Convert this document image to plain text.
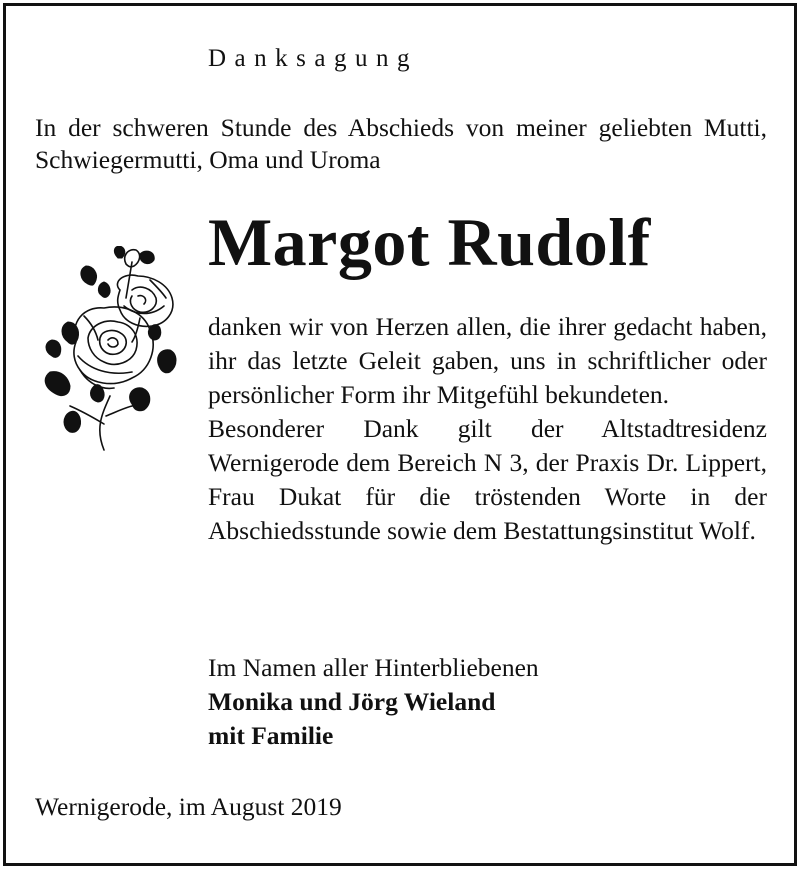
Danksagung
In der schweren Stunde des Abschieds von meiner geliebten Mutti, Schwiegermutti, Oma und Uroma
Margot Rudolf

danken wir von Herzen allen, die ihrer gedacht haben, ihr das letzte Geleit gaben, uns in schriftlicher oder persönlicher Form ihr Mitgefühl bekundeten.

Besonderer Dank gilt der Altstadtresidenz Wernigerode dem Bereich N 3, der Praxis Dr. Lippert, Frau Dukat für die tröstenden Worte in der Abschiedsstunde sowie dem Bestattungsinstitut Wolf.

Im Namen aller Hinterbliebenen
Monika und Jörg Wieland
mit Familie
Wernigerode, im August 2019
